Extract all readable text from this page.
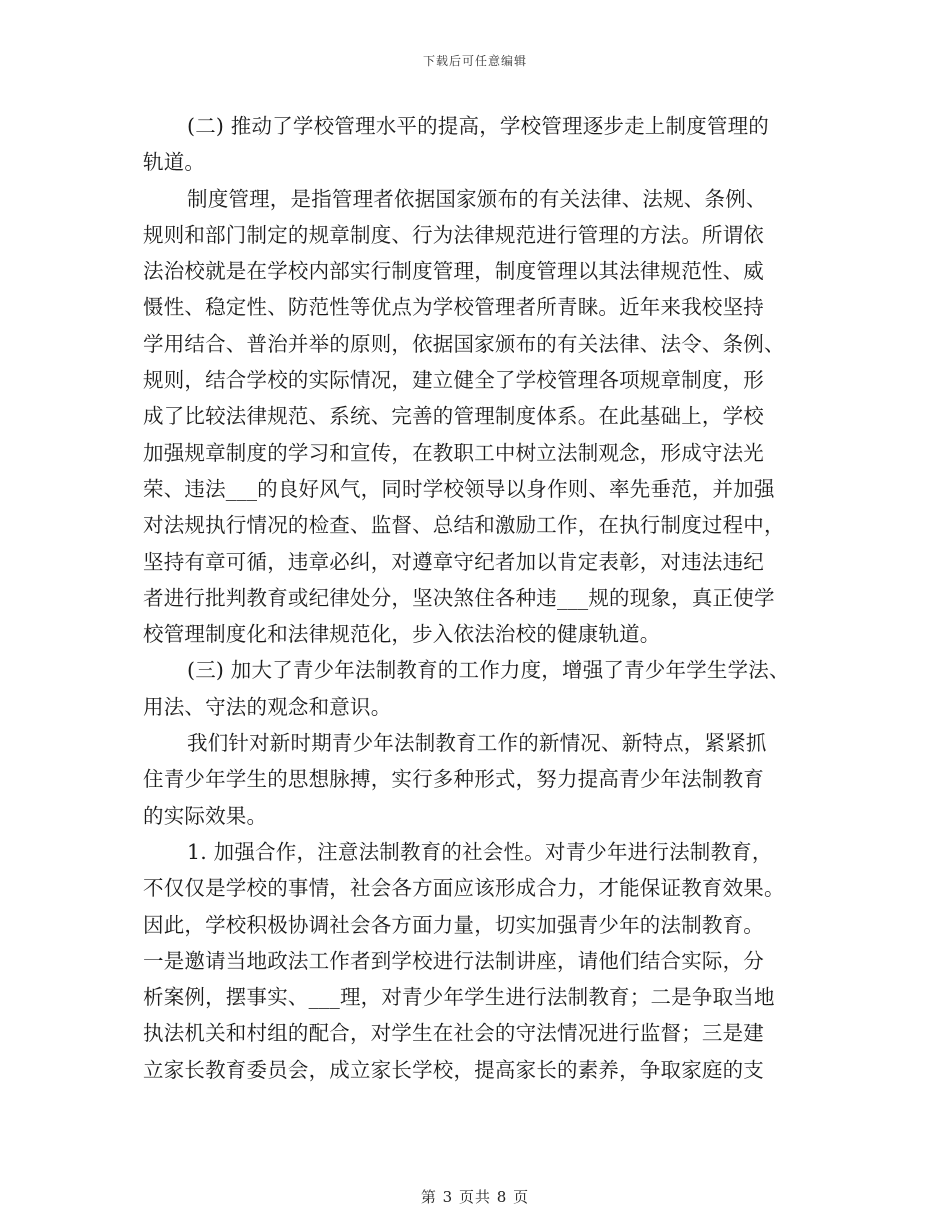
下载后可任意编辑
(二) 推动了学校管理水平的提高，学校管理逐步走上制度管理的
轨道。
制度管理，是指管理者依据国家颁布的有关法律、法规、条例、
规则和部门制定的规章制度、行为法律规范进行管理的方法。所谓依
法治校就是在学校内部实行制度管理，制度管理以其法律规范性、威
慑性、稳定性、防范性等优点为学校管理者所青睐。近年来我校坚持
学用结合、普治并举的原则，依据国家颁布的有关法律、法令、条例、
规则，结合学校的实际情况，建立健全了学校管理各项规章制度，形
成了比较法律规范、系统、完善的管理制度体系。在此基础上，学校
加强规章制度的学习和宣传，在教职工中树立法制观念，形成守法光
荣、违法___的良好风气，同时学校领导以身作则、率先垂范，并加强
对法规执行情况的检查、监督、总结和激励工作，在执行制度过程中，
坚持有章可循，违章必纠，对遵章守纪者加以肯定表彰，对违法违纪
者进行批判教育或纪律处分，坚决煞住各种违___规的现象，真正使学
校管理制度化和法律规范化，步入依法治校的健康轨道。
(三) 加大了青少年法制教育的工作力度，增强了青少年学生学法、
用法、守法的观念和意识。
我们针对新时期青少年法制教育工作的新情况、新特点，紧紧抓
住青少年学生的思想脉搏，实行多种形式，努力提高青少年法制教育
的实际效果。
1. 加强合作，注意法制教育的社会性。对青少年进行法制教育，
不仅仅是学校的事情，社会各方面应该形成合力，才能保证教育效果。
因此，学校积极协调社会各方面力量，切实加强青少年的法制教育。
一是邀请当地政法工作者到学校进行法制讲座，请他们结合实际，分
析案例，摆事实、___理，对青少年学生进行法制教育；二是争取当地
执法机关和村组的配合，对学生在社会的守法情况进行监督；三是建
立家长教育委员会，成立家长学校，提高家长的素养，争取家庭的支
第 3 页共 8 页
